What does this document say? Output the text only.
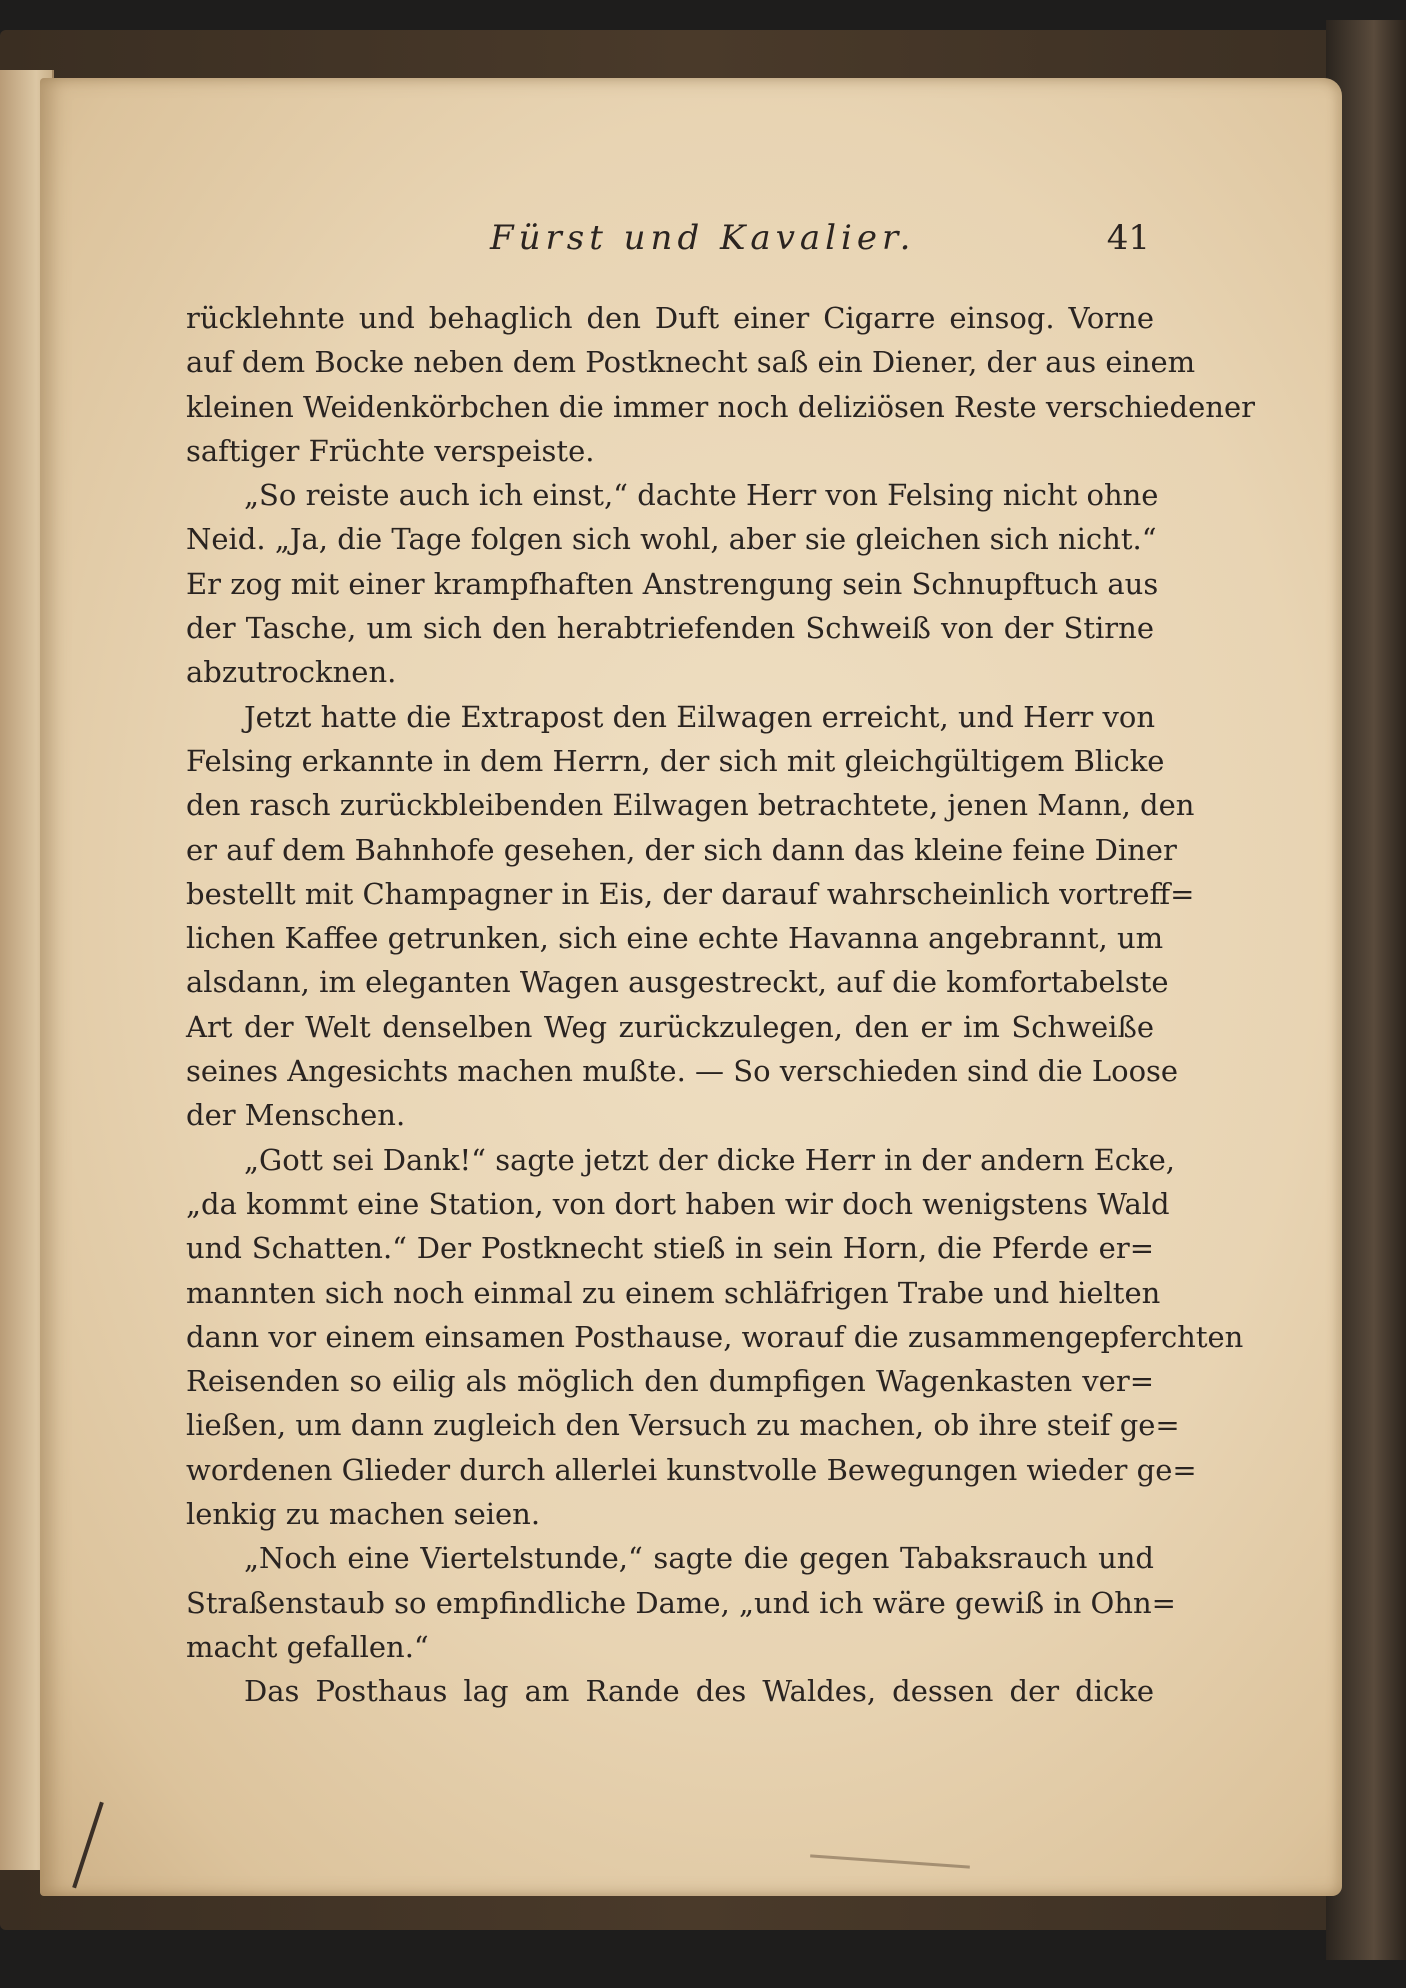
Fürst und Kavalier.	41
rücklehnte und behaglich den Duft einer Cigarre einsog. Vorne
auf dem Bocke neben dem Postknecht saß ein Diener, der aus einem
kleinen Weidenkörbchen die immer noch deliziösen Reste verschiedener
saftiger Früchte verspeiste.
„So reiste auch ich einst,“ dachte Herr von Felsing nicht ohne
Neid. „Ja, die Tage folgen sich wohl, aber sie gleichen sich nicht.“
Er zog mit einer krampfhaften Anstrengung sein Schnupftuch aus
der Tasche, um sich den herabtriefenden Schweiß von der Stirne
abzutrocknen.
Jetzt hatte die Extrapost den Eilwagen erreicht, und Herr von
Felsing erkannte in dem Herrn, der sich mit gleichgültigem Blicke
den rasch zurückbleibenden Eilwagen betrachtete, jenen Mann, den
er auf dem Bahnhofe gesehen, der sich dann das kleine feine Diner
bestellt mit Champagner in Eis, der darauf wahrscheinlich vortreff=
lichen Kaffee getrunken, sich eine echte Havanna angebrannt, um
alsdann, im eleganten Wagen ausgestreckt, auf die komfortabelste
Art der Welt denselben Weg zurückzulegen, den er im Schweiße
seines Angesichts machen mußte. — So verschieden sind die Loose
der Menschen.
„Gott sei Dank!“ sagte jetzt der dicke Herr in der andern Ecke,
„da kommt eine Station, von dort haben wir doch wenigstens Wald
und Schatten.“ Der Postknecht stieß in sein Horn, die Pferde er=
mannten sich noch einmal zu einem schläfrigen Trabe und hielten
dann vor einem einsamen Posthause, worauf die zusammengepferchten
Reisenden so eilig als möglich den dumpfigen Wagenkasten ver=
ließen, um dann zugleich den Versuch zu machen, ob ihre steif ge=
wordenen Glieder durch allerlei kunstvolle Bewegungen wieder ge=
lenkig zu machen seien.
„Noch eine Viertelstunde,“ sagte die gegen Tabaksrauch und
Straßenstaub so empfindliche Dame, „und ich wäre gewiß in Ohn=
macht gefallen.“
Das Posthaus lag am Rande des Waldes, dessen der dicke
